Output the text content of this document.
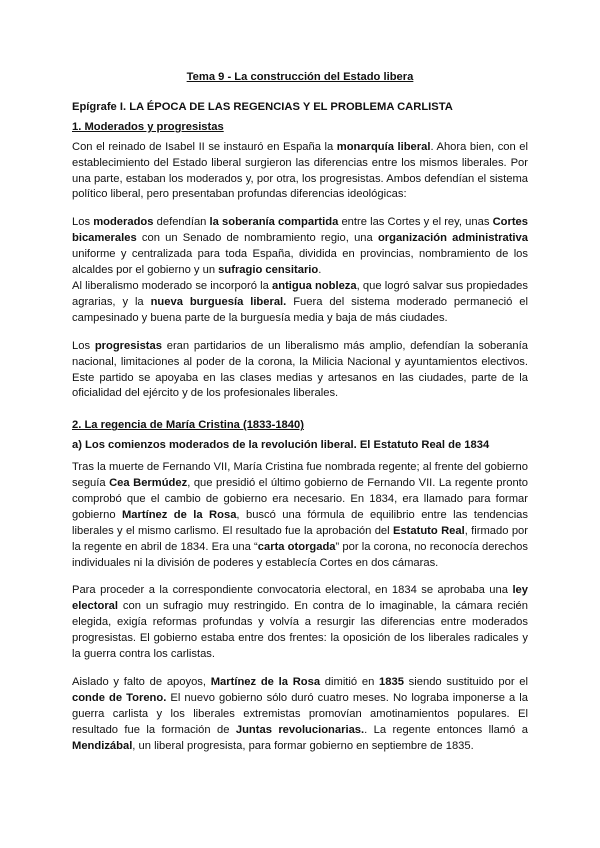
Tema 9 - La construcción del Estado libera
Epígrafe I. LA ÉPOCA DE LAS REGENCIAS Y EL PROBLEMA CARLISTA
1. Moderados y progresistas
Con el reinado de Isabel II se instauró en España la monarquía liberal. Ahora bien, con el establecimiento del Estado liberal surgieron las diferencias entre los mismos liberales. Por una parte, estaban los moderados y, por otra, los progresistas. Ambos defendían el sistema político liberal, pero presentaban profundas diferencias ideológicas:
Los moderados defendían la soberanía compartida entre las Cortes y el rey, unas Cortes bicamerales con un Senado de nombramiento regio, una organización administrativa uniforme y centralizada para toda España, dividida en provincias, nombramiento de los alcaldes por el gobierno y un sufragio censitario.
Al liberalismo moderado se incorporó la antigua nobleza, que logró salvar sus propiedades agrarias, y la nueva burguesía liberal. Fuera del sistema moderado permaneció el campesinado y buena parte de la burguesía media y baja de más ciudades.
Los progresistas eran partidarios de un liberalismo más amplio, defendían la soberanía nacional, limitaciones al poder de la corona, la Milicia Nacional y ayuntamientos electivos. Este partido se apoyaba en las clases medias y artesanos en las ciudades, parte de la oficialidad del ejército y de los profesionales liberales.
2. La regencia de María Cristina (1833-1840)
a) Los comienzos moderados de la revolución liberal. El Estatuto Real de 1834
Tras la muerte de Fernando VII, María Cristina fue nombrada regente; al frente del gobierno seguía Cea Bermúdez, que presidió el último gobierno de Fernando VII. La regente pronto comprobó que el cambio de gobierno era necesario. En 1834, era llamado para formar gobierno Martínez de la Rosa, buscó una fórmula de equilibrio entre las tendencias liberales y el mismo carlismo. El resultado fue la aprobación del Estatuto Real, firmado por la regente en abril de 1834. Era una “carta otorgada” por la corona, no reconocía derechos individuales ni la división de poderes y establecía Cortes en dos cámaras.
Para proceder a la correspondiente convocatoria electoral, en 1834 se aprobaba una ley electoral con un sufragio muy restringido. En contra de lo imaginable, la cámara recién elegida, exigía reformas profundas y volvía a resurgir las diferencias entre moderados progresistas. El gobierno estaba entre dos frentes: la oposición de los liberales radicales y la guerra contra los carlistas.
Aislado y falto de apoyos, Martínez de la Rosa dimitió en 1835 siendo sustituido por el conde de Toreno. El nuevo gobierno sólo duró cuatro meses. No lograba imponerse a la guerra carlista y los liberales extremistas promovían amotinamientos populares. El resultado fue la formación de Juntas revolucionarias.. La regente entonces llamó a Mendizábal, un liberal progresista, para formar gobierno en septiembre de 1835.
